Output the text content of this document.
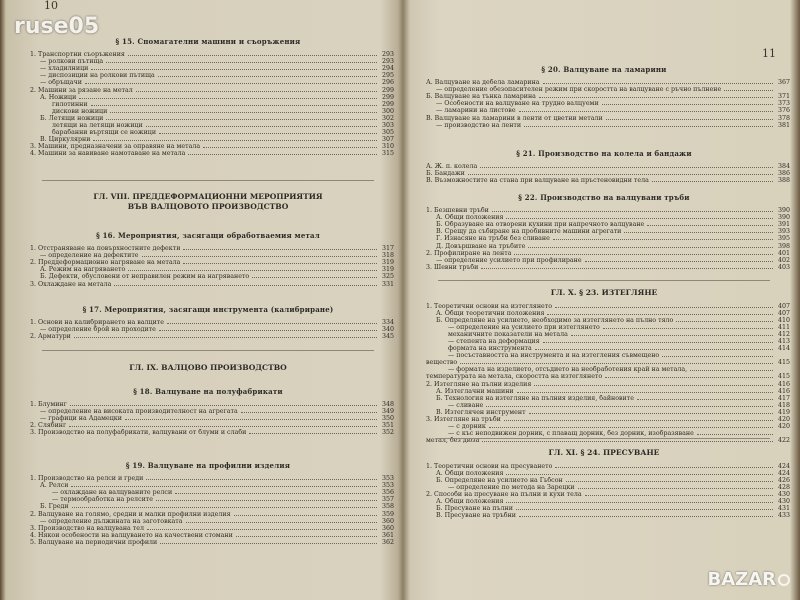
ruse05
10
§ 15. Спомагателни машини и съоръжения
1. Транспортни съоръжения	293
— ролкови пътища	293
— хладилници	294
— диспозиции на ролкови пътища	295
— обръщачи	296
2. Машини за рязане на метал	299
А. Ножици	299
гилотинни	299
дискови ножици	300
Б. Летящи ножици	302
летящи на летящи ножици	303
барабанни въртящи се ножици	305
В. Циркулярни	307
3. Машини, предназначени за оправяне на метала	310
4. Машини за навиване намотаване на метала	315
ГЛ. VIII. ПРЕДДЕФОРМАЦИОННИ МЕРОПРИЯТИЯ
ВЪВ ВАЛЦОВОТО ПРОИЗВОДСТВО
§ 16. Мероприятия, засягащи обработваемия метал
1. Отстраняване на повърхностните дефекти	317
— определение на дефектите	318
2. Преддеформационно нагряване на метала	319
А. Режим на нагряването	319
Б. Дефекти, обусловени от неправилен режим на нагряването	325
3. Охлаждане на метала	331
§ 17. Мероприятия, засягащи инструмента (калибриране)
1. Основи на калибрирането на валците	334
— определение брой на проходите	340
2. Арматури	345
ГЛ. IX. ВАЛЦОВО ПРОИЗВОДСТВО
§ 18. Валцуване на полуфабрикати
1. Блуминг	348
— определение на високата производителност на агрегата	349
— графици на Адамецки	350
2. Слябинг	351
3. Производство на полуфабрикати, валцувани от блуми и слаби	352
§ 19. Валцуване на профилни изделия
1. Производство на релси и греди	353
А. Релси	353
— охлаждане на валцуваните релси	356
— термообработка на релсите	357
Б. Греди	358
2. Валцуване на голямо, средни и малки профилни изделия	359
— определение дължината на заготовката	360
3. Производство на валцувана тел	360
4. Някои особености на валцуването на качествени стомани	361
5. Валцуване на периодични профили	362
11
§ 20. Валцуване на ламарини
А. Валцуване на дебела ламарина	367
— определение обезопасителен режим при скоростта на валцуване с ръчно пълнене
Б. Валцуване на тънка ламарина	371
— Особености на валцуване на трудно валцуеми	373
— ламарини на листове	376
В. Валцуване на ламарини в ленти от цветни метали	378
— производство на ленти	381
§ 21. Производство на колела и бандажи
А. Ж. п. колела	384
Б. Бандажи	386
В. Възможностите на стана при валцуване на пръстеновидни тела	388
§ 22. Производство на валцувани тръби
1. Безшевни тръби	390
А. Общи положения	390
Б. Образуване на отворени кухини при напречното валцуване	391
В. Срещу да събиране на пробивните машини агрегати	393
Г. Изнасяне на тръби без сливане	395
Д. Довършване на тръбите	398
2. Профилиране на лента	401
— определение усилието при профилиране	402
3. Шевни тръби	403
ГЛ. X. § 23. ИЗТЕГЛЯНЕ
1. Теоретични основи на изтеглянето	407
А. Общи теоретични положения	407
Б. Определяне на усилието, необходимо за изтеглянето на пълно тяло	410
— определение на усилието при изтеглянето	411
механичните показатели на метала	412
— степента на деформация	413
формата на инструмента	414
— посъставността на инструмента и на изтегления съвмещено
вещество	415
— формата на изделието, отсъдието на необработения край на метала,
температурата на метала, скоростта на изтеглянето	415
2. Изтегляне на пълни изделия	416
А. Изтеглачни машини	416
Б. Технология на изтегляне на пълния изделия, байновите	417
— сливане	418
В. Изтеглячен инструмент	419
3. Изтегляне на тръби	420
— с дорник	420
— с къс неподвижен дорник, с плаващ дорник, без дорник, изобразяване
метал, без дюза	422
ГЛ. XI. § 24. ПРЕСУВАНЕ
1. Теоретични основи на пресуването	424
А. Общи положения	424
Б. Определяне на усилието на Гьбсон	426
— определение по метода на Зарецки	428
2. Способи на пресуване на пълни и кухи тела	430
А. Общи положения	430
Б. Пресуване на пълни	431
В. Пресуване на тръбни	433
BAZAR
